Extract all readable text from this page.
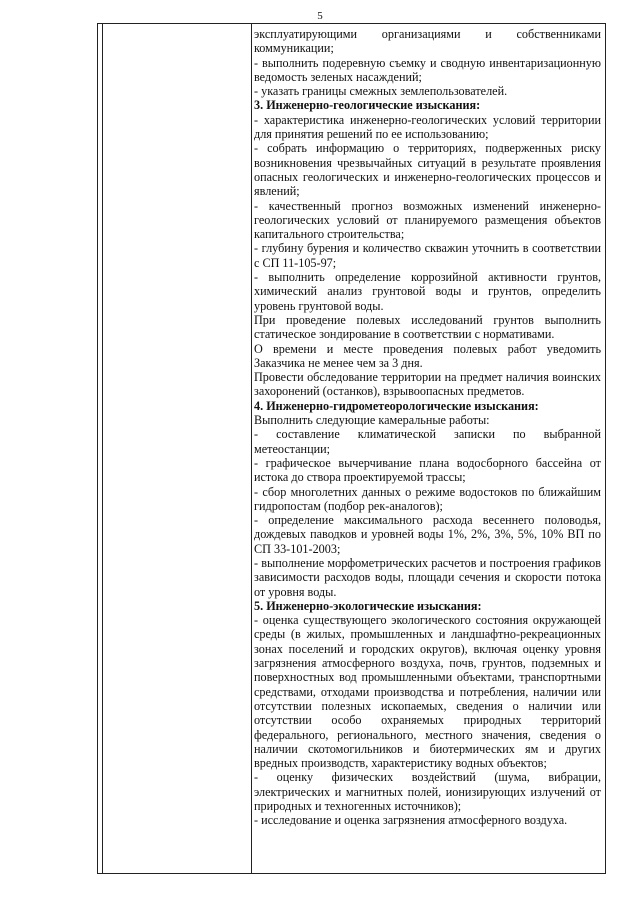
5

эксплуатирующими организациями и собственниками коммуникации;

- выполнить подеревную съемку и сводную инвентаризационную ведомость зеленых насаждений;

- указать границы смежных землепользователей.

3. Инженерно-геологические изыскания:

- характеристика инженерно-геологических условий территории для принятия решений по ее использованию;

- собрать информацию о территориях, подверженных риску возникновения чрезвычайных ситуаций в результате проявления опасных геологических и инженерно-геологических процессов и явлений;

- качественный прогноз возможных изменений инженерно-геологических условий от планируемого размещения объектов капитального строительства;

- глубину бурения и количество скважин уточнить в соответствии с СП 11-105-97;

- выполнить определение коррозийной активности грунтов, химический анализ грунтовой воды и грунтов, определить уровень грунтовой воды.

При проведение полевых исследований грунтов выполнить статическое зондирование в соответствии с нормативами.

О времени и месте проведения полевых работ уведомить Заказчика не менее чем за 3 дня.

Провести обследование территории на предмет наличия воинских захоронений (останков), взрывоопасных предметов.

4. Инженерно-гидрометеорологические изыскания:

Выполнить следующие камеральные работы:

- составление климатической записки по выбранной метеостанции;

- графическое вычерчивание плана водосборного бассейна от истока до створа проектируемой трассы;

- сбор многолетних данных о режиме водостоков по ближайшим гидропостам (подбор рек-аналогов);

- определение максимального расхода весеннего половодья, дождевых паводков и уровней воды 1%, 2%, 3%, 5%, 10% ВП по СП 33-101-2003;

- выполнение морфометрических расчетов и построения графиков зависимости расходов воды, площади сечения и скорости потока от уровня воды.

5. Инженерно-экологические изыскания:

- оценка существующего экологического состояния окружающей среды (в жилых, промышленных и ландшафтно-рекреационных зонах поселений и городских округов), включая оценку уровня загрязнения атмосферного воздуха, почв, грунтов, подземных и поверхностных вод промышленными объектами, транспортными средствами, отходами производства и потребления, наличии или отсутствии полезных ископаемых, сведения о наличии или отсутствии особо охраняемых природных территорий федерального, регионального, местного значения, сведения о наличии скотомогильников и биотермических ям и других вредных производств, характеристику водных объектов;

- оценку физических воздействий (шума, вибрации, электрических и магнитных полей, ионизирующих излучений от природных и техногенных источников);

- исследование и оценка загрязнения атмосферного воздуха.
